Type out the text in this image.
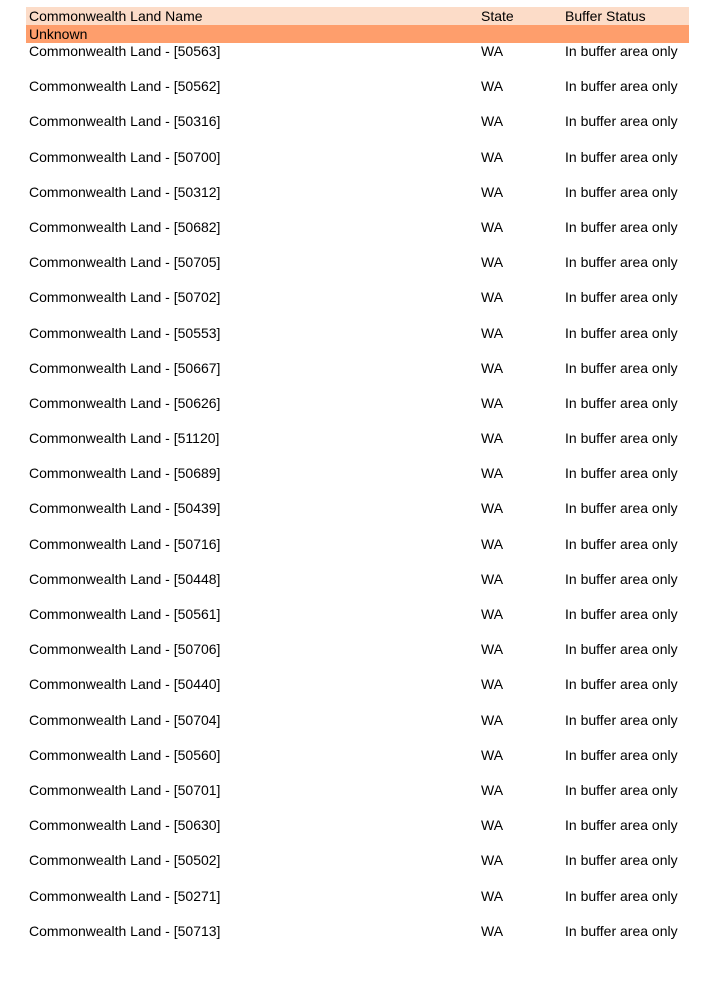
Commonwealth Land Name	State	Buffer Status
Unknown
Commonwealth Land - [50563]	WA	In buffer area only
Commonwealth Land - [50562]	WA	In buffer area only
Commonwealth Land - [50316]	WA	In buffer area only
Commonwealth Land - [50700]	WA	In buffer area only
Commonwealth Land - [50312]	WA	In buffer area only
Commonwealth Land - [50682]	WA	In buffer area only
Commonwealth Land - [50705]	WA	In buffer area only
Commonwealth Land - [50702]	WA	In buffer area only
Commonwealth Land - [50553]	WA	In buffer area only
Commonwealth Land - [50667]	WA	In buffer area only
Commonwealth Land - [50626]	WA	In buffer area only
Commonwealth Land - [51120]	WA	In buffer area only
Commonwealth Land - [50689]	WA	In buffer area only
Commonwealth Land - [50439]	WA	In buffer area only
Commonwealth Land - [50716]	WA	In buffer area only
Commonwealth Land - [50448]	WA	In buffer area only
Commonwealth Land - [50561]	WA	In buffer area only
Commonwealth Land - [50706]	WA	In buffer area only
Commonwealth Land - [50440]	WA	In buffer area only
Commonwealth Land - [50704]	WA	In buffer area only
Commonwealth Land - [50560]	WA	In buffer area only
Commonwealth Land - [50701]	WA	In buffer area only
Commonwealth Land - [50630]	WA	In buffer area only
Commonwealth Land - [50502]	WA	In buffer area only
Commonwealth Land - [50271]	WA	In buffer area only
Commonwealth Land - [50713]	WA	In buffer area only
